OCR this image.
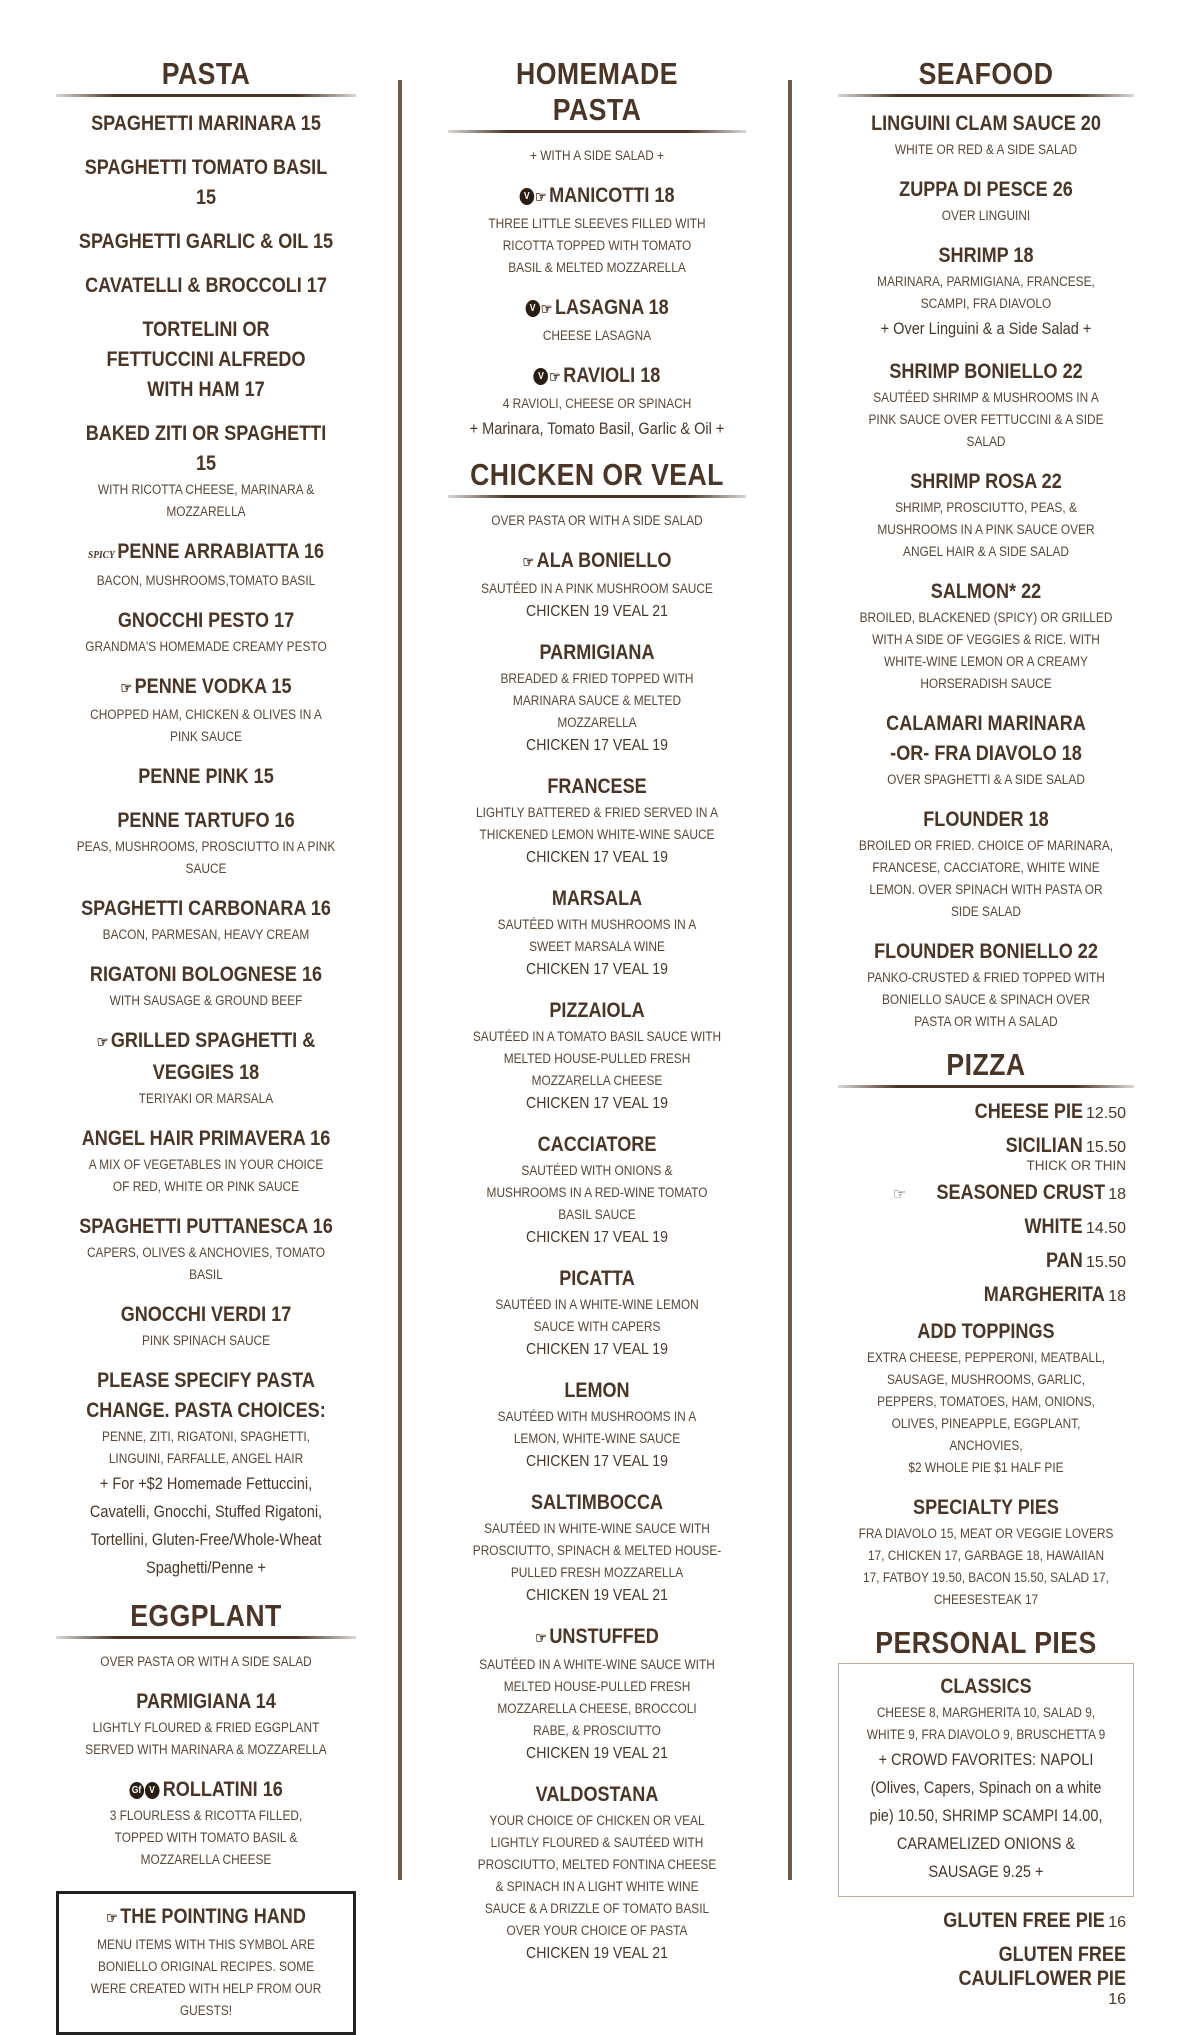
PASTA
SPAGHETTI MARINARA 15
SPAGHETTI TOMATO BASIL 15
SPAGHETTI GARLIC & OIL 15
CAVATELLI & BROCCOLI 17
TORTELINI OR FETTUCCINI ALFREDO WITH HAM 17
BAKED ZITI OR SPAGHETTI 15
WITH RICOTTA CHEESE, MARINARA & MOZZARELLA
SPICY PENNE ARRABIATTA 16
BACON, MUSHROOMS,TOMATO BASIL
GNOCCHI PESTO 17
GRANDMA'S HOMEMADE CREAMY PESTO
☞ PENNE VODKA 15
CHOPPED HAM, CHICKEN & OLIVES IN A PINK SAUCE
PENNE PINK 15
PENNE TARTUFO 16
PEAS, MUSHROOMS, PROSCIUTTO IN A PINK SAUCE
SPAGHETTI CARBONARA 16
BACON, PARMESAN, HEAVY CREAM
RIGATONI BOLOGNESE 16
WITH SAUSAGE & GROUND BEEF
☞ GRILLED SPAGHETTI & VEGGIES 18
TERIYAKI OR MARSALA
ANGEL HAIR PRIMAVERA 16
A MIX OF VEGETABLES IN YOUR CHOICE OF RED, WHITE OR PINK SAUCE
SPAGHETTI PUTTANESCA 16
CAPERS, OLIVES & ANCHOVIES, TOMATO BASIL
GNOCCHI VERDI 17
PINK SPINACH SAUCE
PLEASE SPECIFY PASTA CHANGE. PASTA CHOICES:
PENNE, ZITI, RIGATONI, SPAGHETTI, LINGUINI, FARFALLE, ANGEL HAIR
+ For +$2 Homemade Fettuccini, Cavatelli, Gnocchi, Stuffed Rigatoni, Tortellini, Gluten-Free/Whole-Wheat Spaghetti/Penne +
EGGPLANT
OVER PASTA OR WITH A SIDE SALAD
PARMIGIANA 14
LIGHTLY FLOURED & FRIED EGGPLANT SERVED WITH MARINARA & MOZZARELLA
Gf V ROLLATINI 16
3 FLOURLESS & RICOTTA FILLED, TOPPED WITH TOMATO BASIL & MOZZARELLA CHEESE
☞ THE POINTING HAND
MENU ITEMS WITH THIS SYMBOL ARE BONIELLO ORIGINAL RECIPES. SOME WERE CREATED WITH HELP FROM OUR GUESTS!
HOMEMADE PASTA
+ WITH A SIDE SALAD +
V ☞ MANICOTTI 18
THREE LITTLE SLEEVES FILLED WITH RICOTTA TOPPED WITH TOMATO BASIL & MELTED MOZZARELLA
V ☞ LASAGNA 18
CHEESE LASAGNA
V ☞ RAVIOLI 18
4 RAVIOLI, CHEESE OR SPINACH
+ Marinara, Tomato Basil, Garlic & Oil +
CHICKEN OR VEAL
OVER PASTA OR WITH A SIDE SALAD
☞ ALA BONIELLO
SAUTÉED IN A PINK MUSHROOM SAUCE
CHICKEN 19 VEAL 21
PARMIGIANA
BREADED & FRIED TOPPED WITH MARINARA SAUCE & MELTED MOZZARELLA
CHICKEN 17 VEAL 19
FRANCESE
LIGHTLY BATTERED & FRIED SERVED IN A THICKENED LEMON WHITE-WINE SAUCE
CHICKEN 17 VEAL 19
MARSALA
SAUTÉED WITH MUSHROOMS IN A SWEET MARSALA WINE
CHICKEN 17 VEAL 19
PIZZAIOLA
SAUTÉED IN A TOMATO BASIL SAUCE WITH MELTED HOUSE-PULLED FRESH MOZZARELLA CHEESE
CHICKEN 17 VEAL 19
CACCIATORE
SAUTÉED WITH ONIONS & MUSHROOMS IN A RED-WINE TOMATO BASIL SAUCE
CHICKEN 17 VEAL 19
PICATTA
SAUTÉED IN A WHITE-WINE LEMON SAUCE WITH CAPERS
CHICKEN 17 VEAL 19
LEMON
SAUTÉED WITH MUSHROOMS IN A LEMON, WHITE-WINE SAUCE
CHICKEN 17 VEAL 19
SALTIMBOCCA
SAUTÉED IN WHITE-WINE SAUCE WITH PROSCIUTTO, SPINACH & MELTED HOUSE-PULLED FRESH MOZZARELLA
CHICKEN 19 VEAL 21
☞ UNSTUFFED
SAUTÉED IN A WHITE-WINE SAUCE WITH MELTED HOUSE-PULLED FRESH MOZZARELLA CHEESE, BROCCOLI RABE, & PROSCIUTTO
CHICKEN 19 VEAL 21
VALDOSTANA
YOUR CHOICE OF CHICKEN OR VEAL LIGHTLY FLOURED & SAUTÉED WITH PROSCIUTTO, MELTED FONTINA CHEESE & SPINACH IN A LIGHT WHITE WINE SAUCE & A DRIZZLE OF TOMATO BASIL OVER YOUR CHOICE OF PASTA
CHICKEN 19 VEAL 21
SEAFOOD
LINGUINI CLAM SAUCE 20
WHITE OR RED & A SIDE SALAD
ZUPPA DI PESCE 26
OVER LINGUINI
SHRIMP 18
MARINARA, PARMIGIANA, FRANCESE, SCAMPI, FRA DIAVOLO
+ Over Linguini & a Side Salad +
SHRIMP BONIELLO 22
SAUTÉED SHRIMP & MUSHROOMS IN A PINK SAUCE OVER FETTUCCINI & A SIDE SALAD
SHRIMP ROSA 22
SHRIMP, PROSCIUTTO, PEAS, & MUSHROOMS IN A PINK SAUCE OVER ANGEL HAIR & A SIDE SALAD
SALMON* 22
BROILED, BLACKENED (SPICY) OR GRILLED WITH A SIDE OF VEGGIES & RICE. WITH WHITE-WINE LEMON OR A CREAMY HORSERADISH SAUCE
CALAMARI MARINARA -OR- FRA DIAVOLO 18
OVER SPAGHETTI & A SIDE SALAD
FLOUNDER 18
BROILED OR FRIED. CHOICE OF MARINARA, FRANCESE, CACCIATORE, WHITE WINE LEMON. OVER SPINACH WITH PASTA OR SIDE SALAD
FLOUNDER BONIELLO 22
PANKO-CRUSTED & FRIED TOPPED WITH BONIELLO SAUCE & SPINACH OVER PASTA OR WITH A SALAD
PIZZA
CHEESE PIE 12.50
SICILIAN 15.50
THICK OR THIN
☞ SEASONED CRUST 18
WHITE 14.50
PAN 15.50
MARGHERITA 18
ADD TOPPINGS
EXTRA CHEESE, PEPPERONI, MEATBALL, SAUSAGE, MUSHROOMS, GARLIC, PEPPERS, TOMATOES, HAM, ONIONS, OLIVES, PINEAPPLE, EGGPLANT, ANCHOVIES,
$2 WHOLE PIE $1 HALF PIE
SPECIALTY PIES
FRA DIAVOLO 15, MEAT OR VEGGIE LOVERS 17, CHICKEN 17, GARBAGE 18, HAWAIIAN 17, FATBOY 19.50, BACON 15.50, SALAD 17, CHEESESTEAK 17
PERSONAL PIES
CLASSICS
CHEESE 8, MARGHERITA 10, SALAD 9, WHITE 9, FRA DIAVOLO 9, BRUSCHETTA 9
+ CROWD FAVORITES: NAPOLI (Olives, Capers, Spinach on a white pie) 10.50, SHRIMP SCAMPI 14.00, CARAMELIZED ONIONS & SAUSAGE 9.25 +
GLUTEN FREE PIE 16
GLUTEN FREE CAULIFLOWER PIE16
